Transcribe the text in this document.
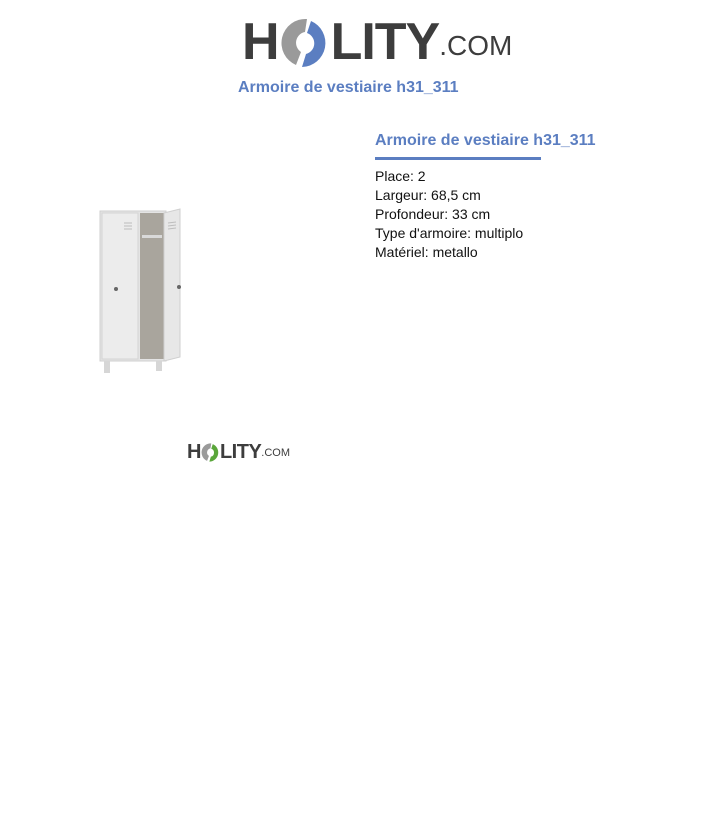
H LITY .COM
Armoire de vestiaire h31_311
H LITY .COM
Armoire de vestiaire h31_311
Place: 2
Largeur: 68,5 cm
Profondeur: 33 cm
Type d'armoire: multiplo
Matériel: metallo
